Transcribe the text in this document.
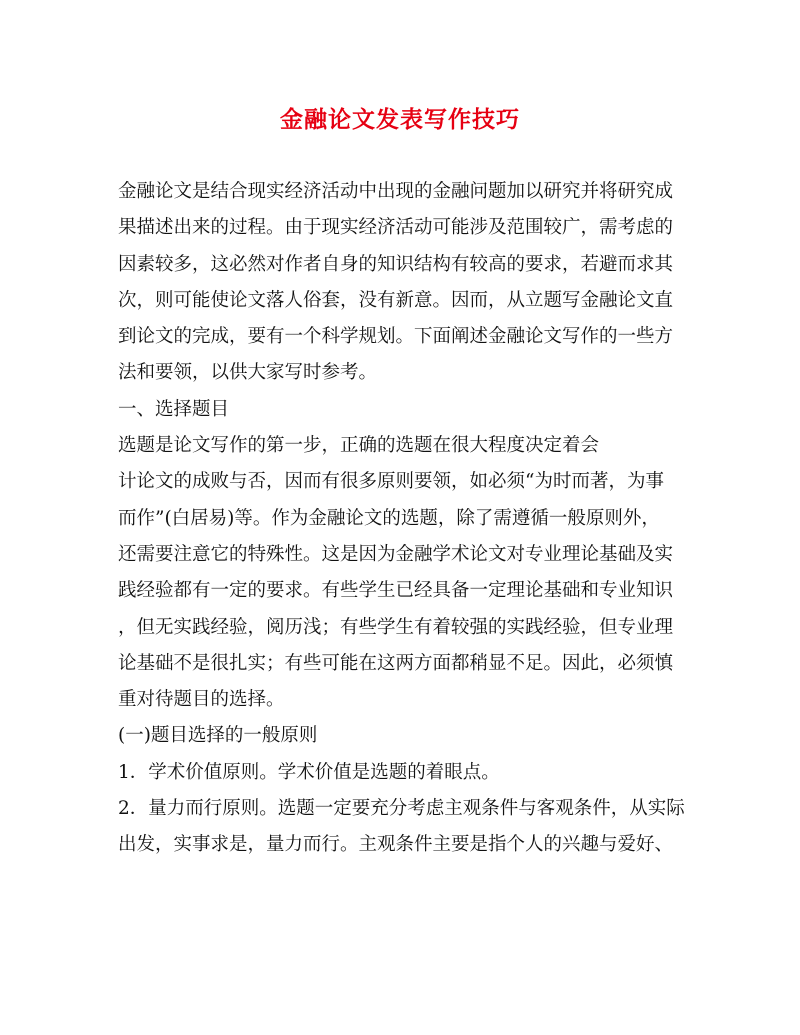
金融论文发表写作技巧
金融论文是结合现实经济活动中出现的金融问题加以研究并将研究成
果描述出来的过程。由于现实经济活动可能涉及范围较广，需考虑的
因素较多，这必然对作者自身的知识结构有较高的要求，若避而求其
次，则可能使论文落人俗套，没有新意。因而，从立题写金融论文直
到论文的完成，要有一个科学规划。下面阐述金融论文写作的一些方
法和要领，以供大家写时参考。
一、选择题目
选题是论文写作的第一步，正确的选题在很大程度决定着会
计论文的成败与否，因而有很多原则要领，如必须“为时而著，为事
而作”(白居易)等。作为金融论文的选题，除了需遵循一般原则外，
还需要注意它的特殊性。这是因为金融学术论文对专业理论基础及实
践经验都有一定的要求。有些学生已经具备一定理论基础和专业知识
，但无实践经验，阅历浅；有些学生有着较强的实践经验，但专业理
论基础不是很扎实；有些可能在这两方面都稍显不足。因此，必须慎
重对待题目的选择。
(一)题目选择的一般原则
1．学术价值原则。学术价值是选题的着眼点。
2．量力而行原则。选题一定要充分考虑主观条件与客观条件，从实际
出发，实事求是，量力而行。主观条件主要是指个人的兴趣与爱好、
